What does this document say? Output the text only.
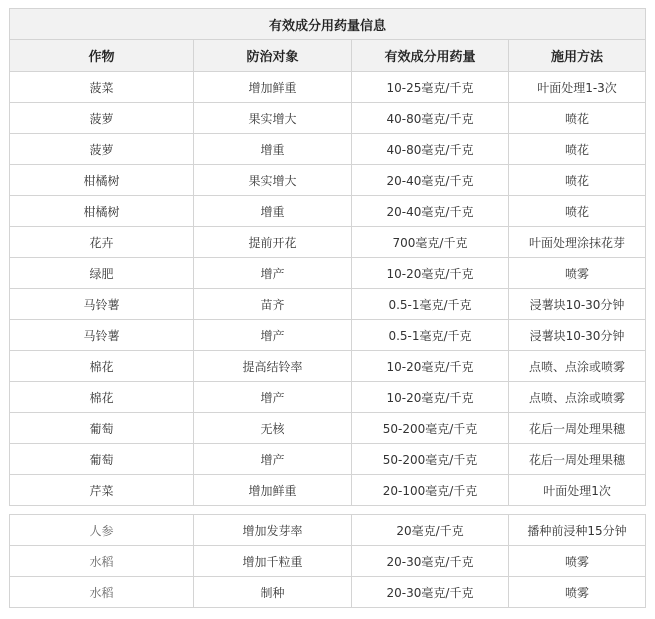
有效成分用药量信息			
作物	防治对象	有效成分用药量	施用方法
菠菜	增加鲜重	10-25毫克/千克	叶面处理1-3次
菠萝	果实增大	40-80毫克/千克	喷花
菠萝	增重	40-80毫克/千克	喷花
柑橘树	果实增大	20-40毫克/千克	喷花
柑橘树	增重	20-40毫克/千克	喷花
花卉	提前开花	700毫克/千克	叶面处理涂抹花芽
绿肥	增产	10-20毫克/千克	喷雾
马铃薯	苗齐	0.5-1毫克/千克	浸薯块10-30分钟
马铃薯	增产	0.5-1毫克/千克	浸薯块10-30分钟
棉花	提高结铃率	10-20毫克/千克	点喷、点涂或喷雾
棉花	增产	10-20毫克/千克	点喷、点涂或喷雾
葡萄	无核	50-200毫克/千克	花后一周处理果穗
葡萄	增产	50-200毫克/千克	花后一周处理果穗
芹菜	增加鲜重	20-100毫克/千克	叶面处理1次
人参	增加发芽率	20毫克/千克	播种前浸种15分钟
水稻	增加千粒重	20-30毫克/千克	喷雾
水稻	制种	20-30毫克/千克	喷雾
